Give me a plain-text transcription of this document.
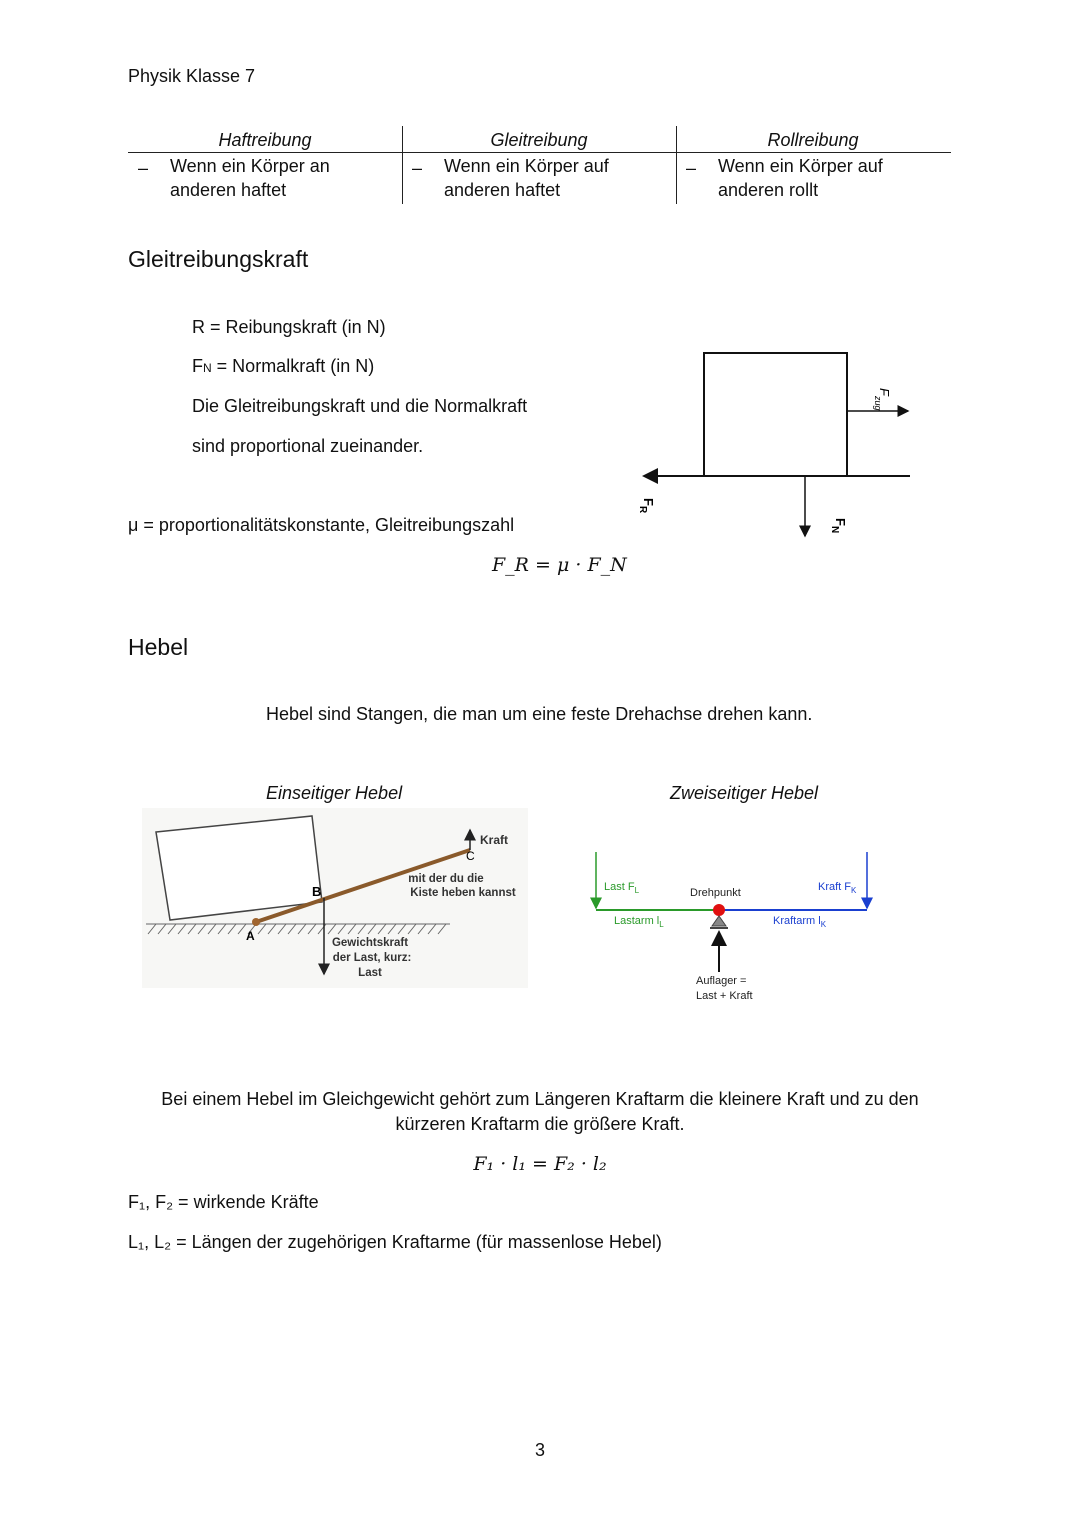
Physik Klasse 7
Haftreibung
– Wenn ein Körper an
anderen haftet
Gleitreibung
– Wenn ein Körper auf
anderen haftet
Rollreibung
– Wenn ein Körper auf
anderen rollt
Gleitreibungskraft
R = Reibungskraft (in N)
FN = Normalkraft (in N)
Die Gleitreibungskraft und die Normalkraft
sind proportional zueinander.
μ = proportionalitätskonstante, Gleitreibungszahl
F_R = μ · F_N
F
zug
F
R
F
N
Hebel
Hebel sind Stangen, die man um eine feste Drehachse drehen kann.
Einseitiger Hebel	Zweiseitiger Hebel
A
B
C
Kraft
mit der du die
Kiste heben kannst
Gewichtskraft
der Last, kurz:
Last
Last $F_L$
Lastarm $l_L$
Drehpunkt	Kraft $F_K$
Kraftarm $l_K$
Auflager =
Last + Kraft
Bei einem Hebel im Gleichgewicht gehört zum Längeren Kraftarm die kleinere Kraft und zu den
kürzeren Kraftarm die größere Kraft.
F₁ · l₁ = F₂ · l₂
F₁, F₂ = wirkende Kräfte
L₁, L₂ = Längen der zugehörigen Kraftarme (für massenlose Hebel)
3
